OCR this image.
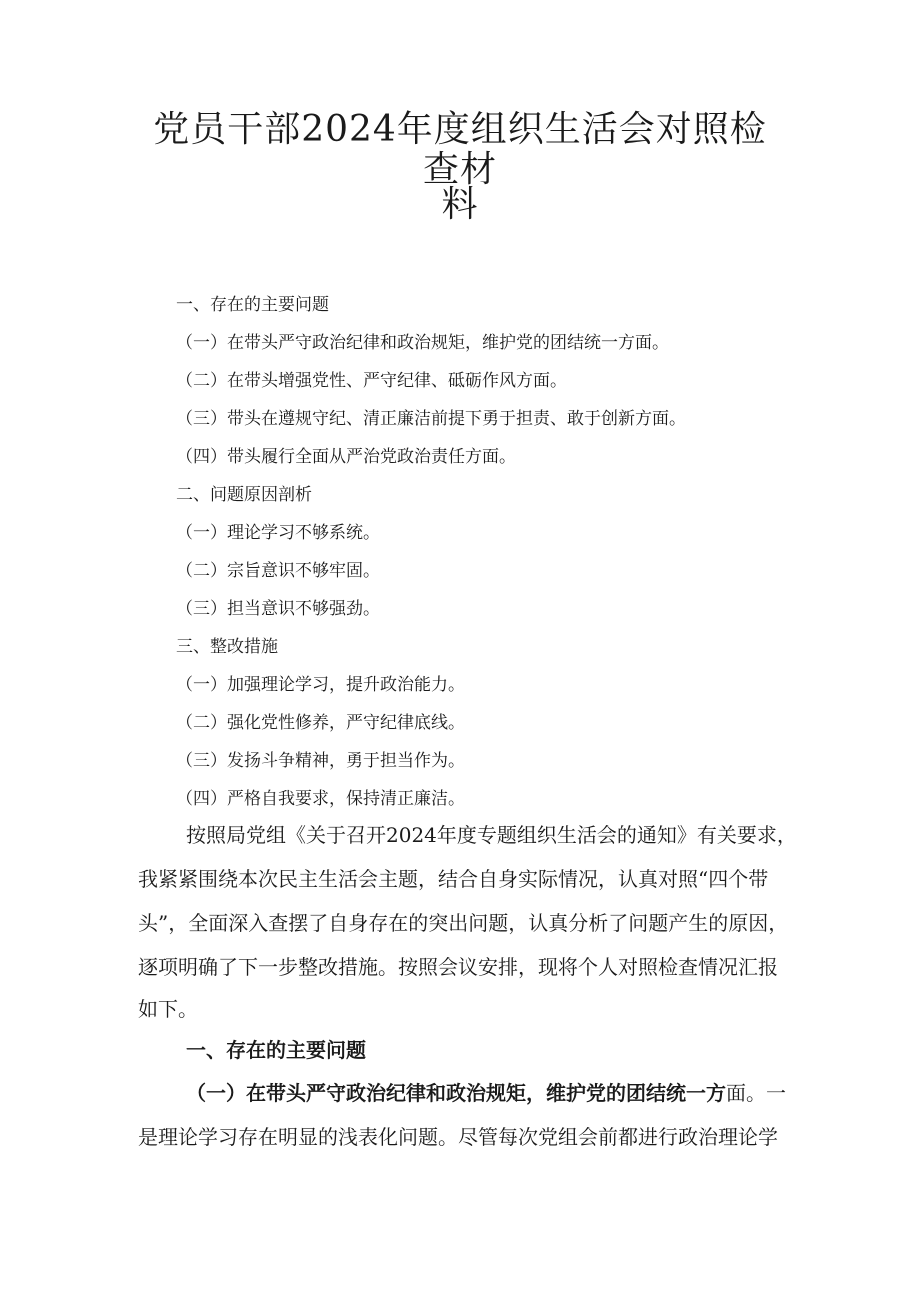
党员干部2024年度组织生活会对照检查材
料
一、存在的主要问题
（一）在带头严守政治纪律和政治规矩，维护党的团结统一方面。
（二）在带头增强党性、严守纪律、砥砺作风方面。
（三）带头在遵规守纪、清正廉洁前提下勇于担责、敢于创新方面。
（四）带头履行全面从严治党政治责任方面。
二、问题原因剖析
（一）理论学习不够系统。
（二）宗旨意识不够牢固。
（三）担当意识不够强劲。
三、整改措施
（一）加强理论学习，提升政治能力。
（二）强化党性修养，严守纪律底线。
（三）发扬斗争精神，勇于担当作为。
（四）严格自我要求，保持清正廉洁。
按照局党组《关于召开2024年度专题组织生活会的通知》有关要求，
我紧紧围绕本次民主生活会主题，结合自身实际情况，认真对照“四个带
头”，全面深入查摆了自身存在的突出问题，认真分析了问题产生的原因，
逐项明确了下一步整改措施。按照会议安排，现将个人对照检查情况汇报
如下。
一、存在的主要问题
（一）在带头严守政治纪律和政治规矩，维护党的团结统一方面。一
是理论学习存在明显的浅表化问题。尽管每次党组会前都进行政治理论学
